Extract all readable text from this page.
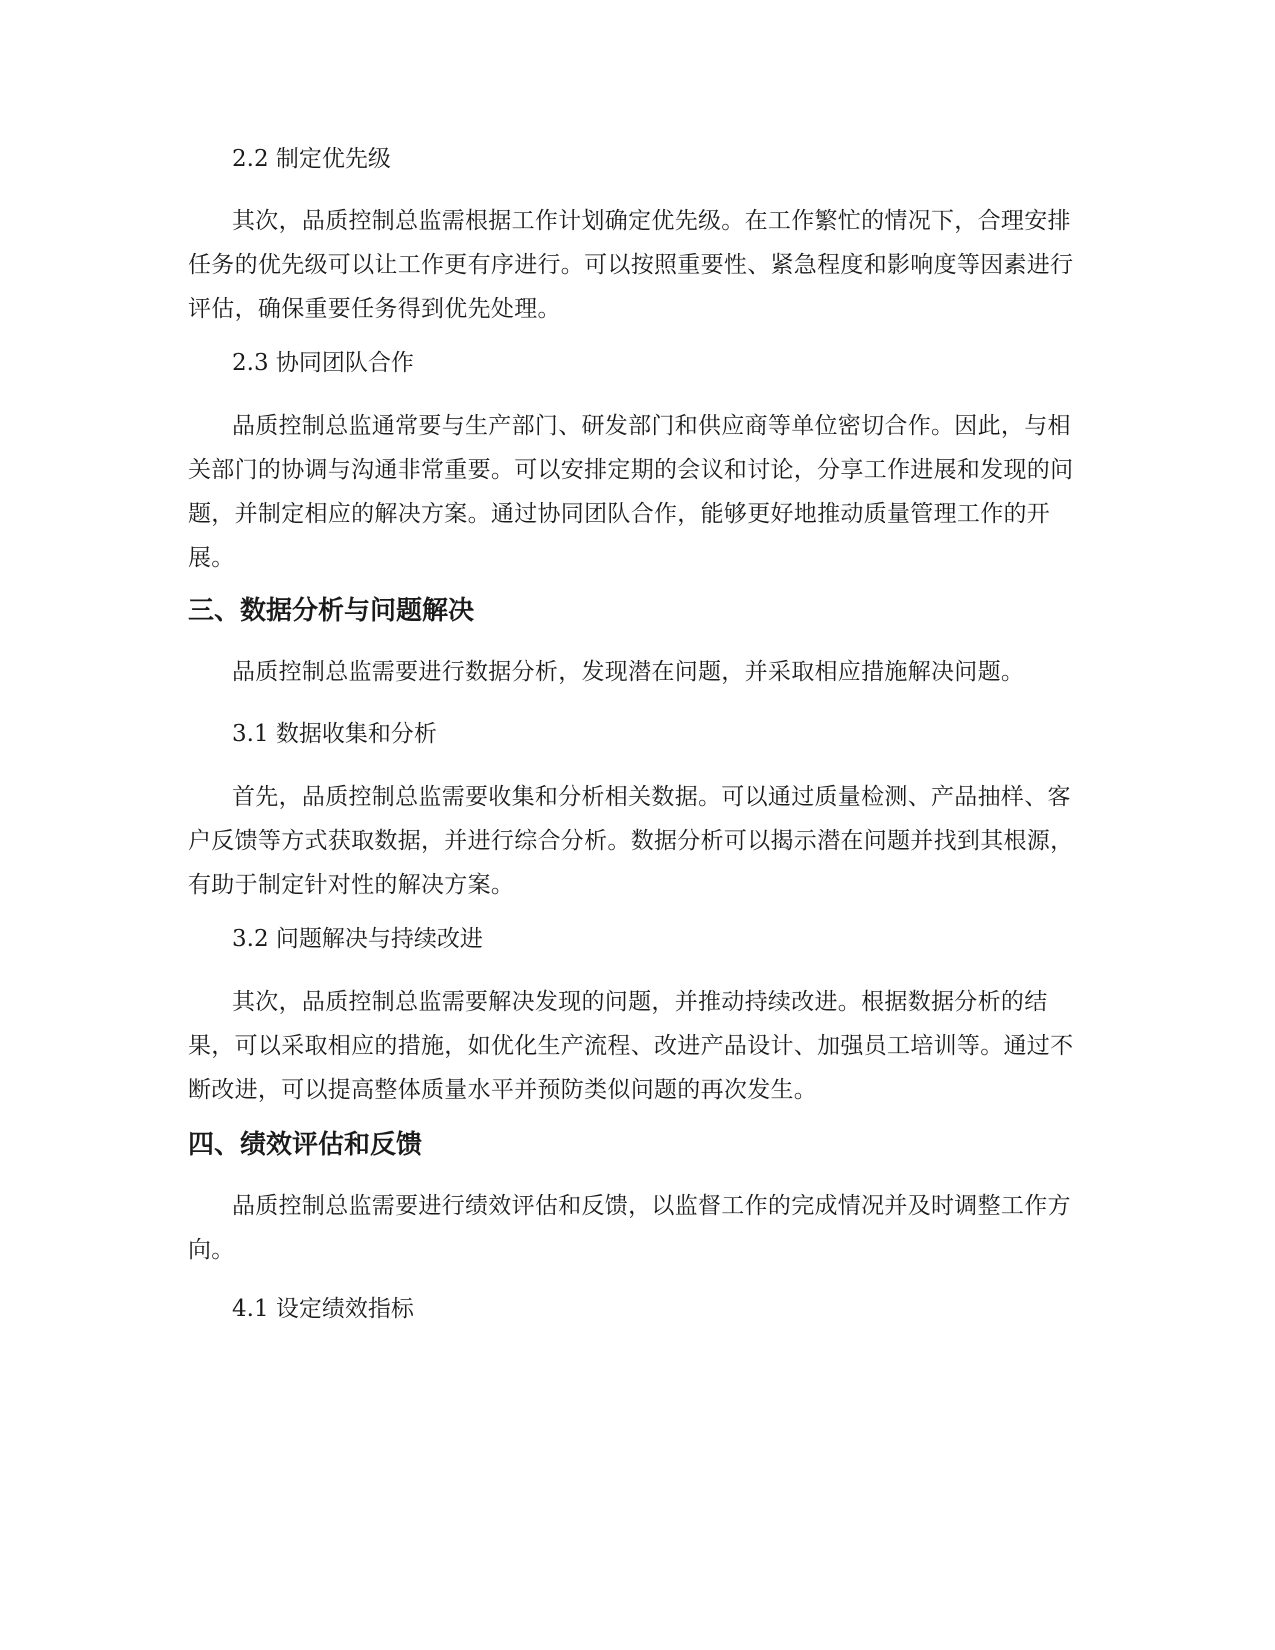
2.2 制定优先级

其次，品质控制总监需根据工作计划确定优先级。在工作繁忙的情况下，合理安排任务的优先级可以让工作更有序进行。可以按照重要性、紧急程度和影响度等因素进行评估，确保重要任务得到优先处理。

2.3 协同团队合作

品质控制总监通常要与生产部门、研发部门和供应商等单位密切合作。因此，与相关部门的协调与沟通非常重要。可以安排定期的会议和讨论，分享工作进展和发现的问题，并制定相应的解决方案。通过协同团队合作，能够更好地推动质量管理工作的开展。

三、数据分析与问题解决

品质控制总监需要进行数据分析，发现潜在问题，并采取相应措施解决问题。

3.1 数据收集和分析

首先，品质控制总监需要收集和分析相关数据。可以通过质量检测、产品抽样、客户反馈等方式获取数据，并进行综合分析。数据分析可以揭示潜在问题并找到其根源，有助于制定针对性的解决方案。

3.2 问题解决与持续改进

其次，品质控制总监需要解决发现的问题，并推动持续改进。根据数据分析的结果，可以采取相应的措施，如优化生产流程、改进产品设计、加强员工培训等。通过不断改进，可以提高整体质量水平并预防类似问题的再次发生。

四、绩效评估和反馈

品质控制总监需要进行绩效评估和反馈，以监督工作的完成情况并及时调整工作方向。

4.1 设定绩效指标
